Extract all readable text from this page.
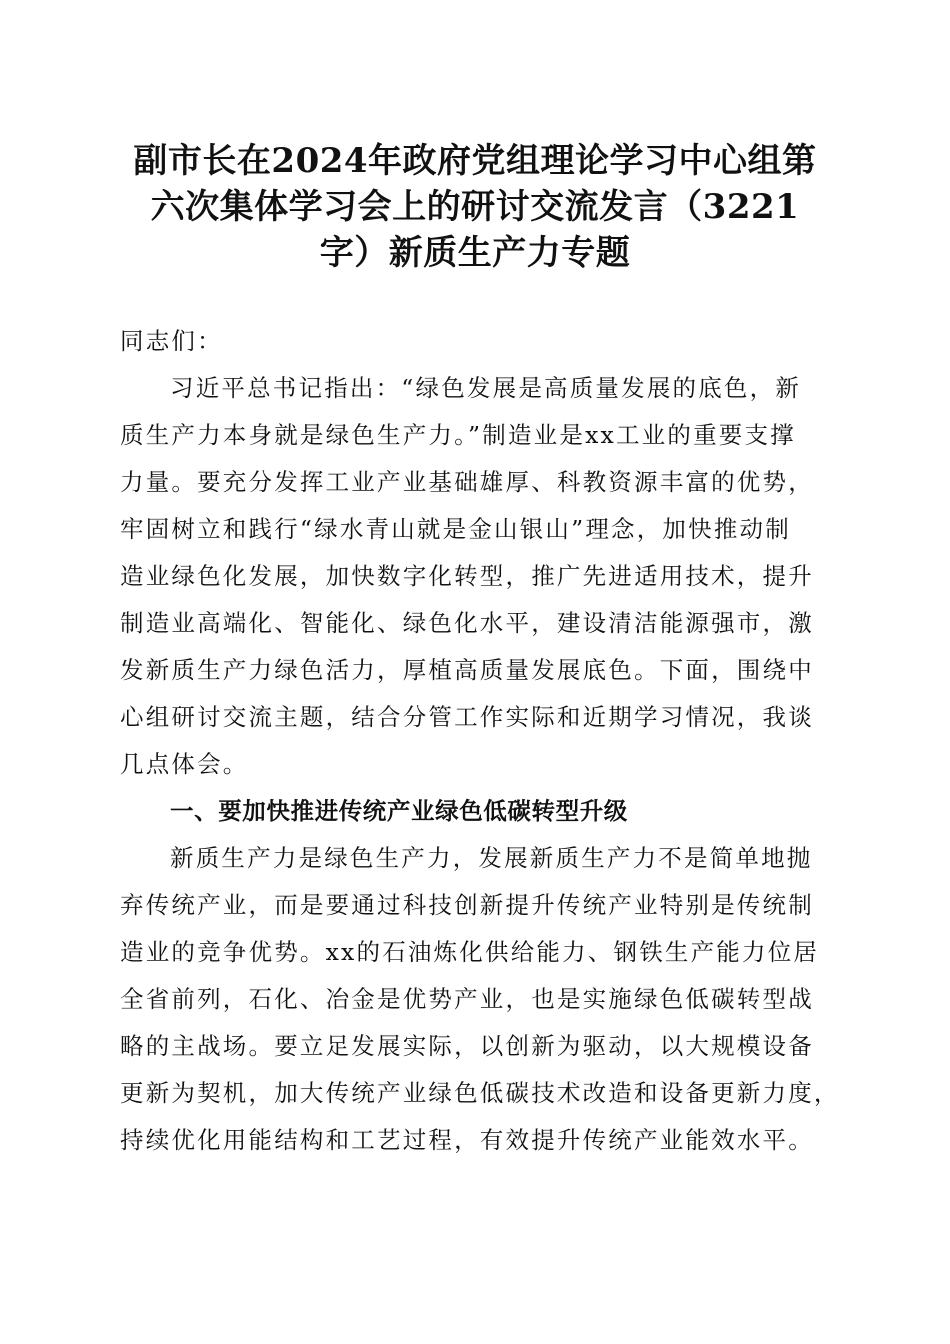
副市长在2024年政府党组理论学习中心组第
六次集体学习会上的研讨交流发言（3221
字）新质生产力专题
同志们：
习近平总书记指出：“绿色发展是高质量发展的底色，新
质生产力本身就是绿色生产力。”制造业是xx工业的重要支撑
力量。要充分发挥工业产业基础雄厚、科教资源丰富的优势，
牢固树立和践行“绿水青山就是金山银山”理念，加快推动制
造业绿色化发展，加快数字化转型，推广先进适用技术，提升
制造业高端化、智能化、绿色化水平，建设清洁能源强市，激
发新质生产力绿色活力，厚植高质量发展底色。下面，围绕中
心组研讨交流主题，结合分管工作实际和近期学习情况，我谈
几点体会。
一、要加快推进传统产业绿色低碳转型升级
新质生产力是绿色生产力，发展新质生产力不是简单地抛
弃传统产业，而是要通过科技创新提升传统产业特别是传统制
造业的竞争优势。xx的石油炼化供给能力、钢铁生产能力位居
全省前列，石化、冶金是优势产业，也是实施绿色低碳转型战
略的主战场。要立足发展实际，以创新为驱动，以大规模设备
更新为契机，加大传统产业绿色低碳技术改造和设备更新力度，
持续优化用能结构和工艺过程，有效提升传统产业能效水平。
